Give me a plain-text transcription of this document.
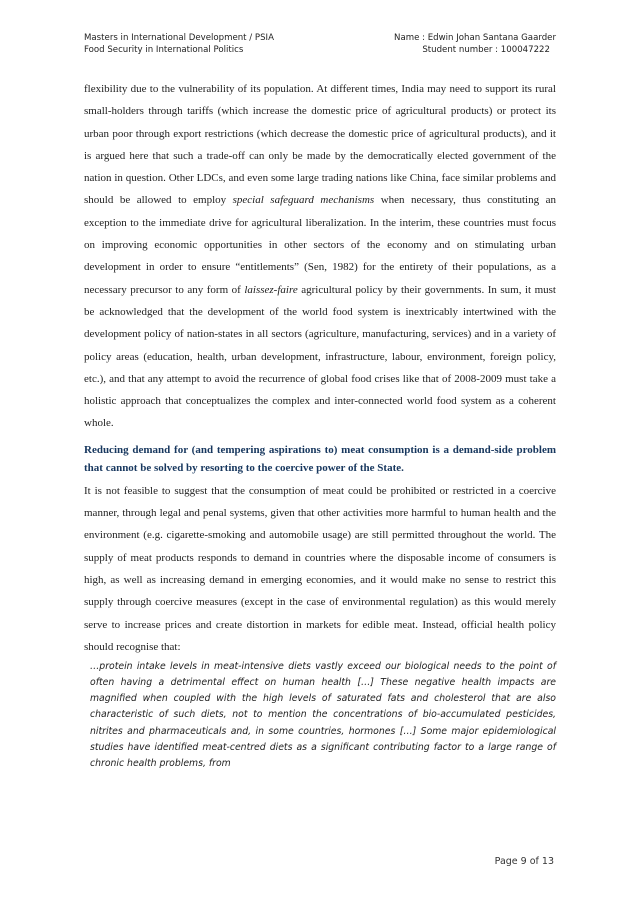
Masters in International Development / PSIA
Food Security in International Politics
Name : Edwin Johan Santana Gaarder
Student number : 100047222

flexibility due to the vulnerability of its population. At different times, India may need to support its rural small-holders through tariffs (which increase the domestic price of agricultural products) or protect its urban poor through export restrictions (which decrease the domestic price of agricultural products), and it is argued here that such a trade-off can only be made by the democratically elected government of the nation in question. Other LDCs, and even some large trading nations like China, face similar problems and should be allowed to employ special safeguard mechanisms when necessary, thus constituting an exception to the immediate drive for agricultural liberalization. In the interim, these countries must focus on improving economic opportunities in other sectors of the economy and on stimulating urban development in order to ensure “entitlements” (Sen, 1982) for the entirety of their populations, as a necessary precursor to any form of laissez-faire agricultural policy by their governments. In sum, it must be acknowledged that the development of the world food system is inextricably intertwined with the development policy of nation-states in all sectors (agriculture, manufacturing, services) and in a variety of policy areas (education, health, urban development, infrastructure, labour, environment, foreign policy, etc.), and that any attempt to avoid the recurrence of global food crises like that of 2008-2009 must take a holistic approach that conceptualizes the complex and inter-connected world food system as a coherent whole.

Reducing demand for (and tempering aspirations to) meat consumption is a demand-side problem that cannot be solved by resorting to the coercive power of the State.

It is not feasible to suggest that the consumption of meat could be prohibited or restricted in a coercive manner, through legal and penal systems, given that other activities more harmful to human health and the environment (e.g. cigarette-smoking and automobile usage) are still permitted throughout the world. The supply of meat products responds to demand in countries where the disposable income of consumers is high, as well as increasing demand in emerging economies, and it would make no sense to restrict this supply through coercive measures (except in the case of environmental regulation) as this would merely serve to increase prices and create distortion in markets for edible meat. Instead, official health policy should recognise that:

…protein intake levels in meat-intensive diets vastly exceed our biological needs to the point of often having a detrimental effect on human health […] These negative health impacts are magnified when coupled with the high levels of saturated fats and cholesterol that are also characteristic of such diets, not to mention the concentrations of bio-accumulated pesticides, nitrites and pharmaceuticals and, in some countries, hormones […] Some major epidemiological studies have identified meat-centred diets as a significant contributing factor to a large range of chronic health problems, from
Page 9 of 13
